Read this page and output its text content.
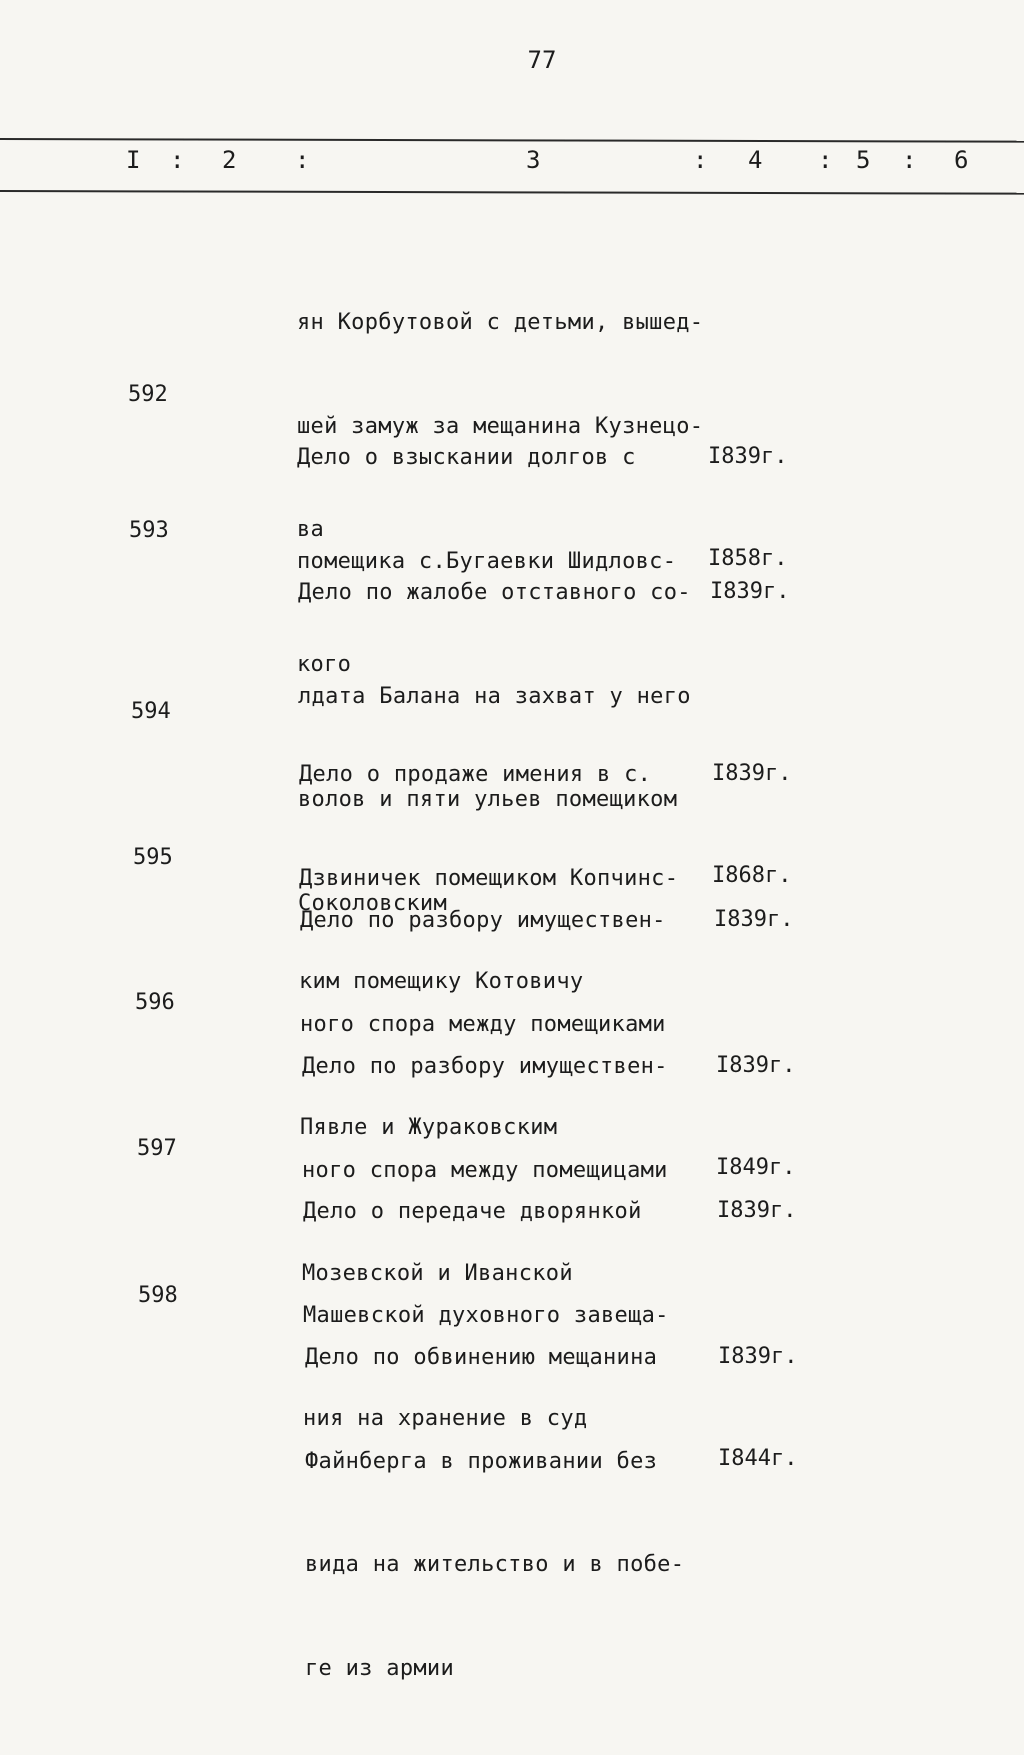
77
I : 2 :	3	: 4 : 5 : 6

ян Корбутовой с детьми, вышед-

шей замуж за мещанина Кузнецо-

ва

592

Дело о взыскании долгов с

помещика с.Бугаевки Шидловс-

кого

I839г.

I858г.

593

Дело по жалобе отставного со-

лдата Балана на захват у него

волов и пяти ульев помещиком

Соколовским

I839г.

594

Дело о продаже имения в с.

Дзвиничек помещиком Копчинс-

ким помещику Котовичу

I839г.

I868г.

595

Дело по разбору имуществен-

ного спора между помещиками

Пявле и Жураковским

I839г.

596

Дело по разбору имуществен-

ного спора между помещицами

Мозевской и Иванской

I839г.

I849г.

597

Дело о передаче дворянкой

Машевской духовного завеща-

ния на хранение в суд

I839г.

598

Дело по обвинению мещанина

Файнберга в проживании без

вида на жительство и в побе-

ге из армии

I839г.

I844г.
